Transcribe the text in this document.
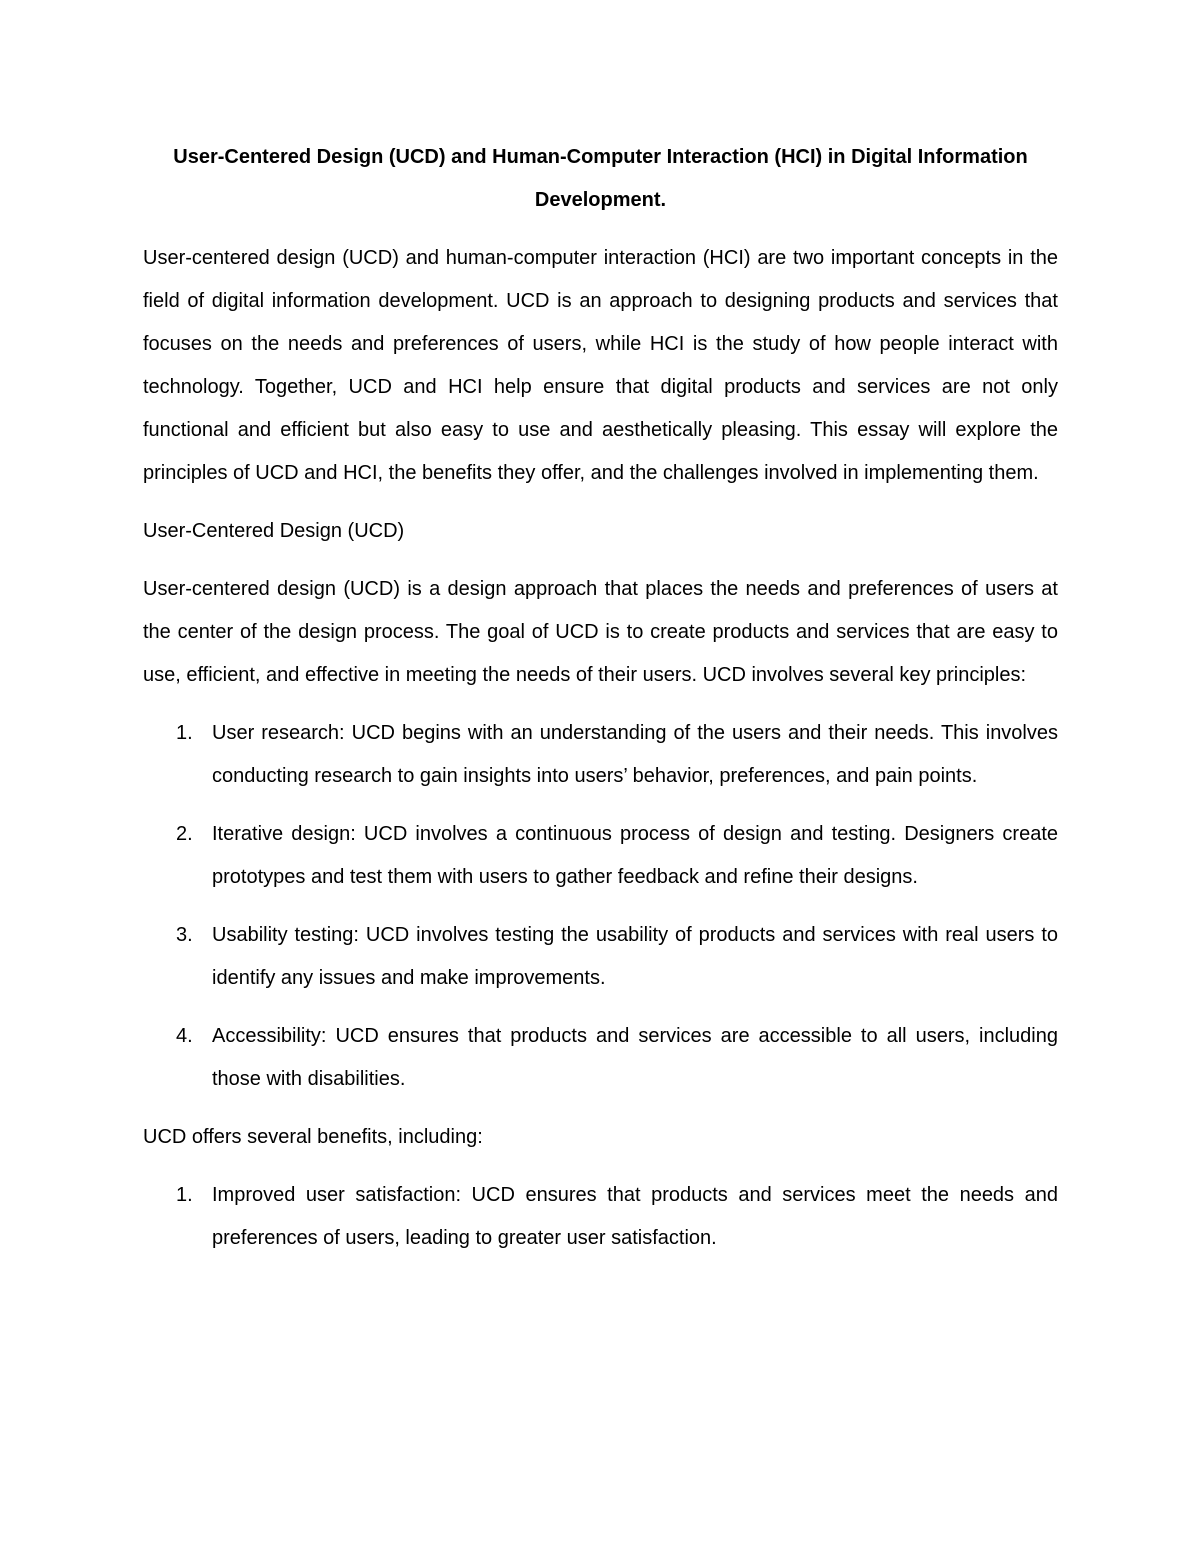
User-Centered Design (UCD) and Human-Computer Interaction (HCI) in Digital Information Development.

User-centered design (UCD) and human-computer interaction (HCI) are two important concepts in the field of digital information development. UCD is an approach to designing products and services that focuses on the needs and preferences of users, while HCI is the study of how people interact with technology. Together, UCD and HCI help ensure that digital products and services are not only functional and efficient but also easy to use and aesthetically pleasing. This essay will explore the principles of UCD and HCI, the benefits they offer, and the challenges involved in implementing them.

User-Centered Design (UCD)

User-centered design (UCD) is a design approach that places the needs and preferences of users at the center of the design process. The goal of UCD is to create products and services that are easy to use, efficient, and effective in meeting the needs of their users. UCD involves several key principles:

1. User research: UCD begins with an understanding of the users and their needs. This involves conducting research to gain insights into users’ behavior, preferences, and pain points.
2. Iterative design: UCD involves a continuous process of design and testing. Designers create prototypes and test them with users to gather feedback and refine their designs.
3. Usability testing: UCD involves testing the usability of products and services with real users to identify any issues and make improvements.
4. Accessibility: UCD ensures that products and services are accessible to all users, including those with disabilities.
UCD offers several benefits, including:
1. Improved user satisfaction: UCD ensures that products and services meet the needs and preferences of users, leading to greater user satisfaction.
